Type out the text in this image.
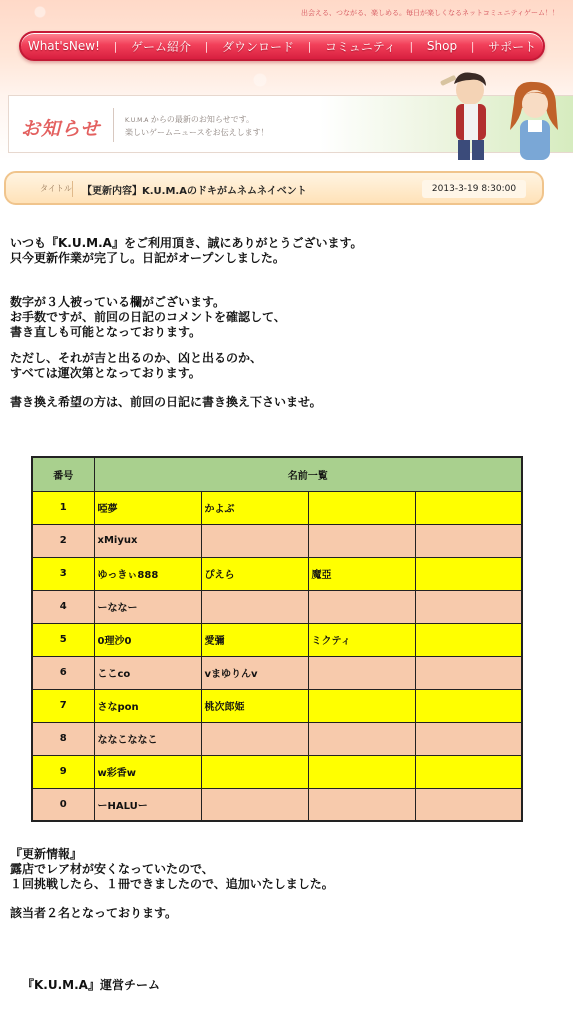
出会える、つながる、楽しめる。毎日が楽しくなるネットコミュニティゲーム！！
What'sNew! | ゲーム紹介 | ダウンロード | コミュニティ | Shop | サポート
お知らせ	K.U.M.A からの最新のお知らせです。
楽しいゲームニュースをお伝えします！
タイトル 【更新内容】K.U.M.Aのドキがムネムネイベント	2013-3-19 8:30:00
いつも『K.U.M.A』をご利用頂き、誠にありがとうございます。
只今更新作業が完了し。日記がオープンしました。
数字が３人被っている欄がございます。
お手数ですが、前回の日記のコメントを確認して、
書き直しも可能となっております。
ただし、それが吉と出るのか、凶と出るのか、
すべては運次第となっております。
書き換え希望の方は、前回の日記に書き換え下さいませ。
番号	名前一覧			
1	啞夢	かよぶ		
2	xMiyux			
3	ゆっきぃ888	ぴえら	魔亞	
4	ーななー			
5	0理沙0	愛彌	ミクティ	
6	ここco	vまゆりんv		
7	さなpon	桃次郎姫		
8	ななこななこ			
9	w彩香w			
0	ーHALUー			
『更新情報』
露店でレア材が安くなっていたので、
１回挑戦したら、１冊できましたので、追加いたしました。
該当者２名となっております。
『K.U.M.A』運営チーム
